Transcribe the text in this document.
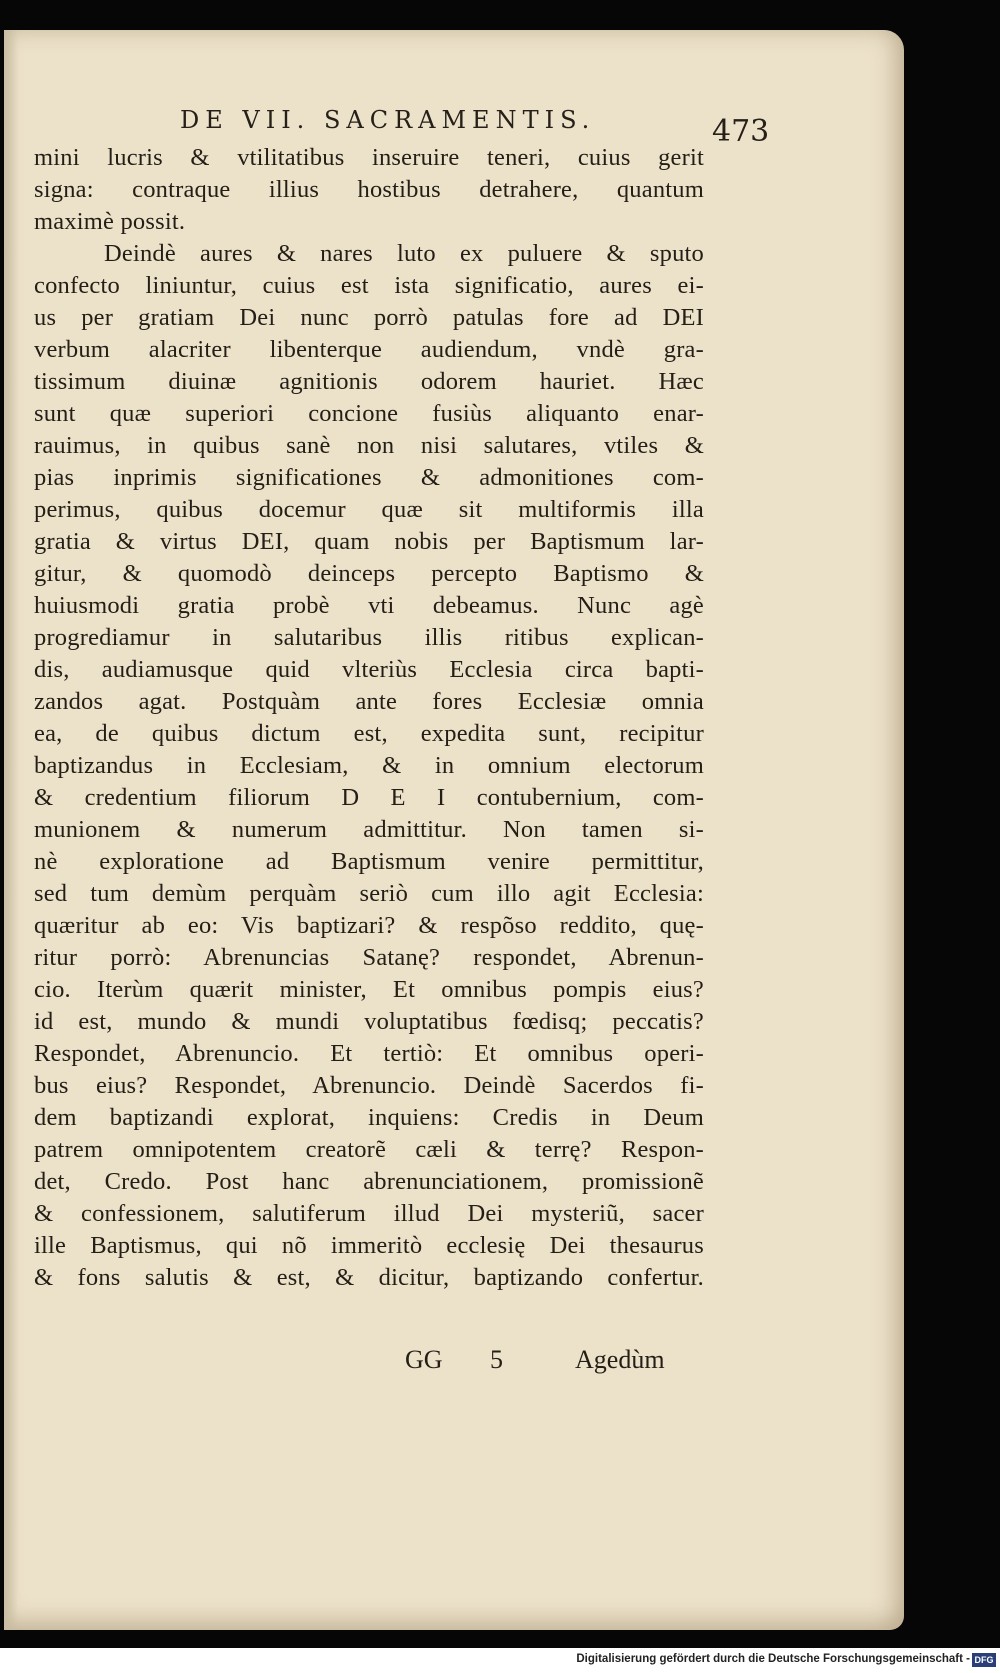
DE VII. SACRAMENTIS.	473
mini lucris & vtilitatibus inseruire teneri, cuius gerit
signa: contraque illius hostibus detrahere, quantum
maximè possit.
Deindè aures & nares luto ex puluere & sputo
confecto liniuntur, cuius est ista significatio, aures ei-
us per gratiam Dei nunc porrò patulas fore ad DEI
verbum alacriter libenterque audiendum, vndè gra-
tissimum diuinæ agnitionis odorem hauriet. Hæc
sunt quæ superiori concione fusiùs aliquanto enar-
rauimus, in quibus sanè non nisi salutares, vtiles &
pias inprimis significationes & admonitiones com-
perimus, quibus docemur quæ sit multiformis illa
gratia & virtus DEI, quam nobis per Baptismum lar-
gitur, & quomodò deinceps percepto Baptismo &
huiusmodi gratia probè vti debeamus. Nunc agè
progrediamur in salutaribus illis ritibus explican-
dis, audiamusque quid vlteriùs Ecclesia circa bapti-
zandos agat. Postquàm ante fores Ecclesiæ omnia
ea, de quibus dictum est, expedita sunt, recipitur
baptizandus in Ecclesiam, & in omnium electorum
& credentium filiorum D E I contubernium, com-
munionem & numerum admittitur. Non tamen si-
nè exploratione ad Baptismum venire permittitur,
sed tum demùm perquàm seriò cum illo agit Ecclesia:
quæritur ab eo: Vis baptizari? & respõso reddito, quę-
ritur porrò: Abrenuncias Satanę? respondet, Abrenun-
cio. Iterùm quærit minister, Et omnibus pompis eius?
id est, mundo & mundi voluptatibus fœdisq; peccatis?
Respondet, Abrenuncio. Et tertiò: Et omnibus operi-
bus eius? Respondet, Abrenuncio. Deindè Sacerdos fi-
dem baptizandi explorat, inquiens: Credis in Deum
patrem omnipotentem creatorẽ cæli & terrę? Respon-
det, Credo. Post hanc abrenunciationem, promissionẽ
& confessionem, salutiferum illud Dei mysteriũ, sacer
ille Baptismus, qui nõ immeritò ecclesię Dei thesaurus
& fons salutis & est, & dicitur, baptizando confertur.
GG 5	Agedùm
Digitalisierung gefördert durch die Deutsche Forschungsgemeinschaft - DFG
